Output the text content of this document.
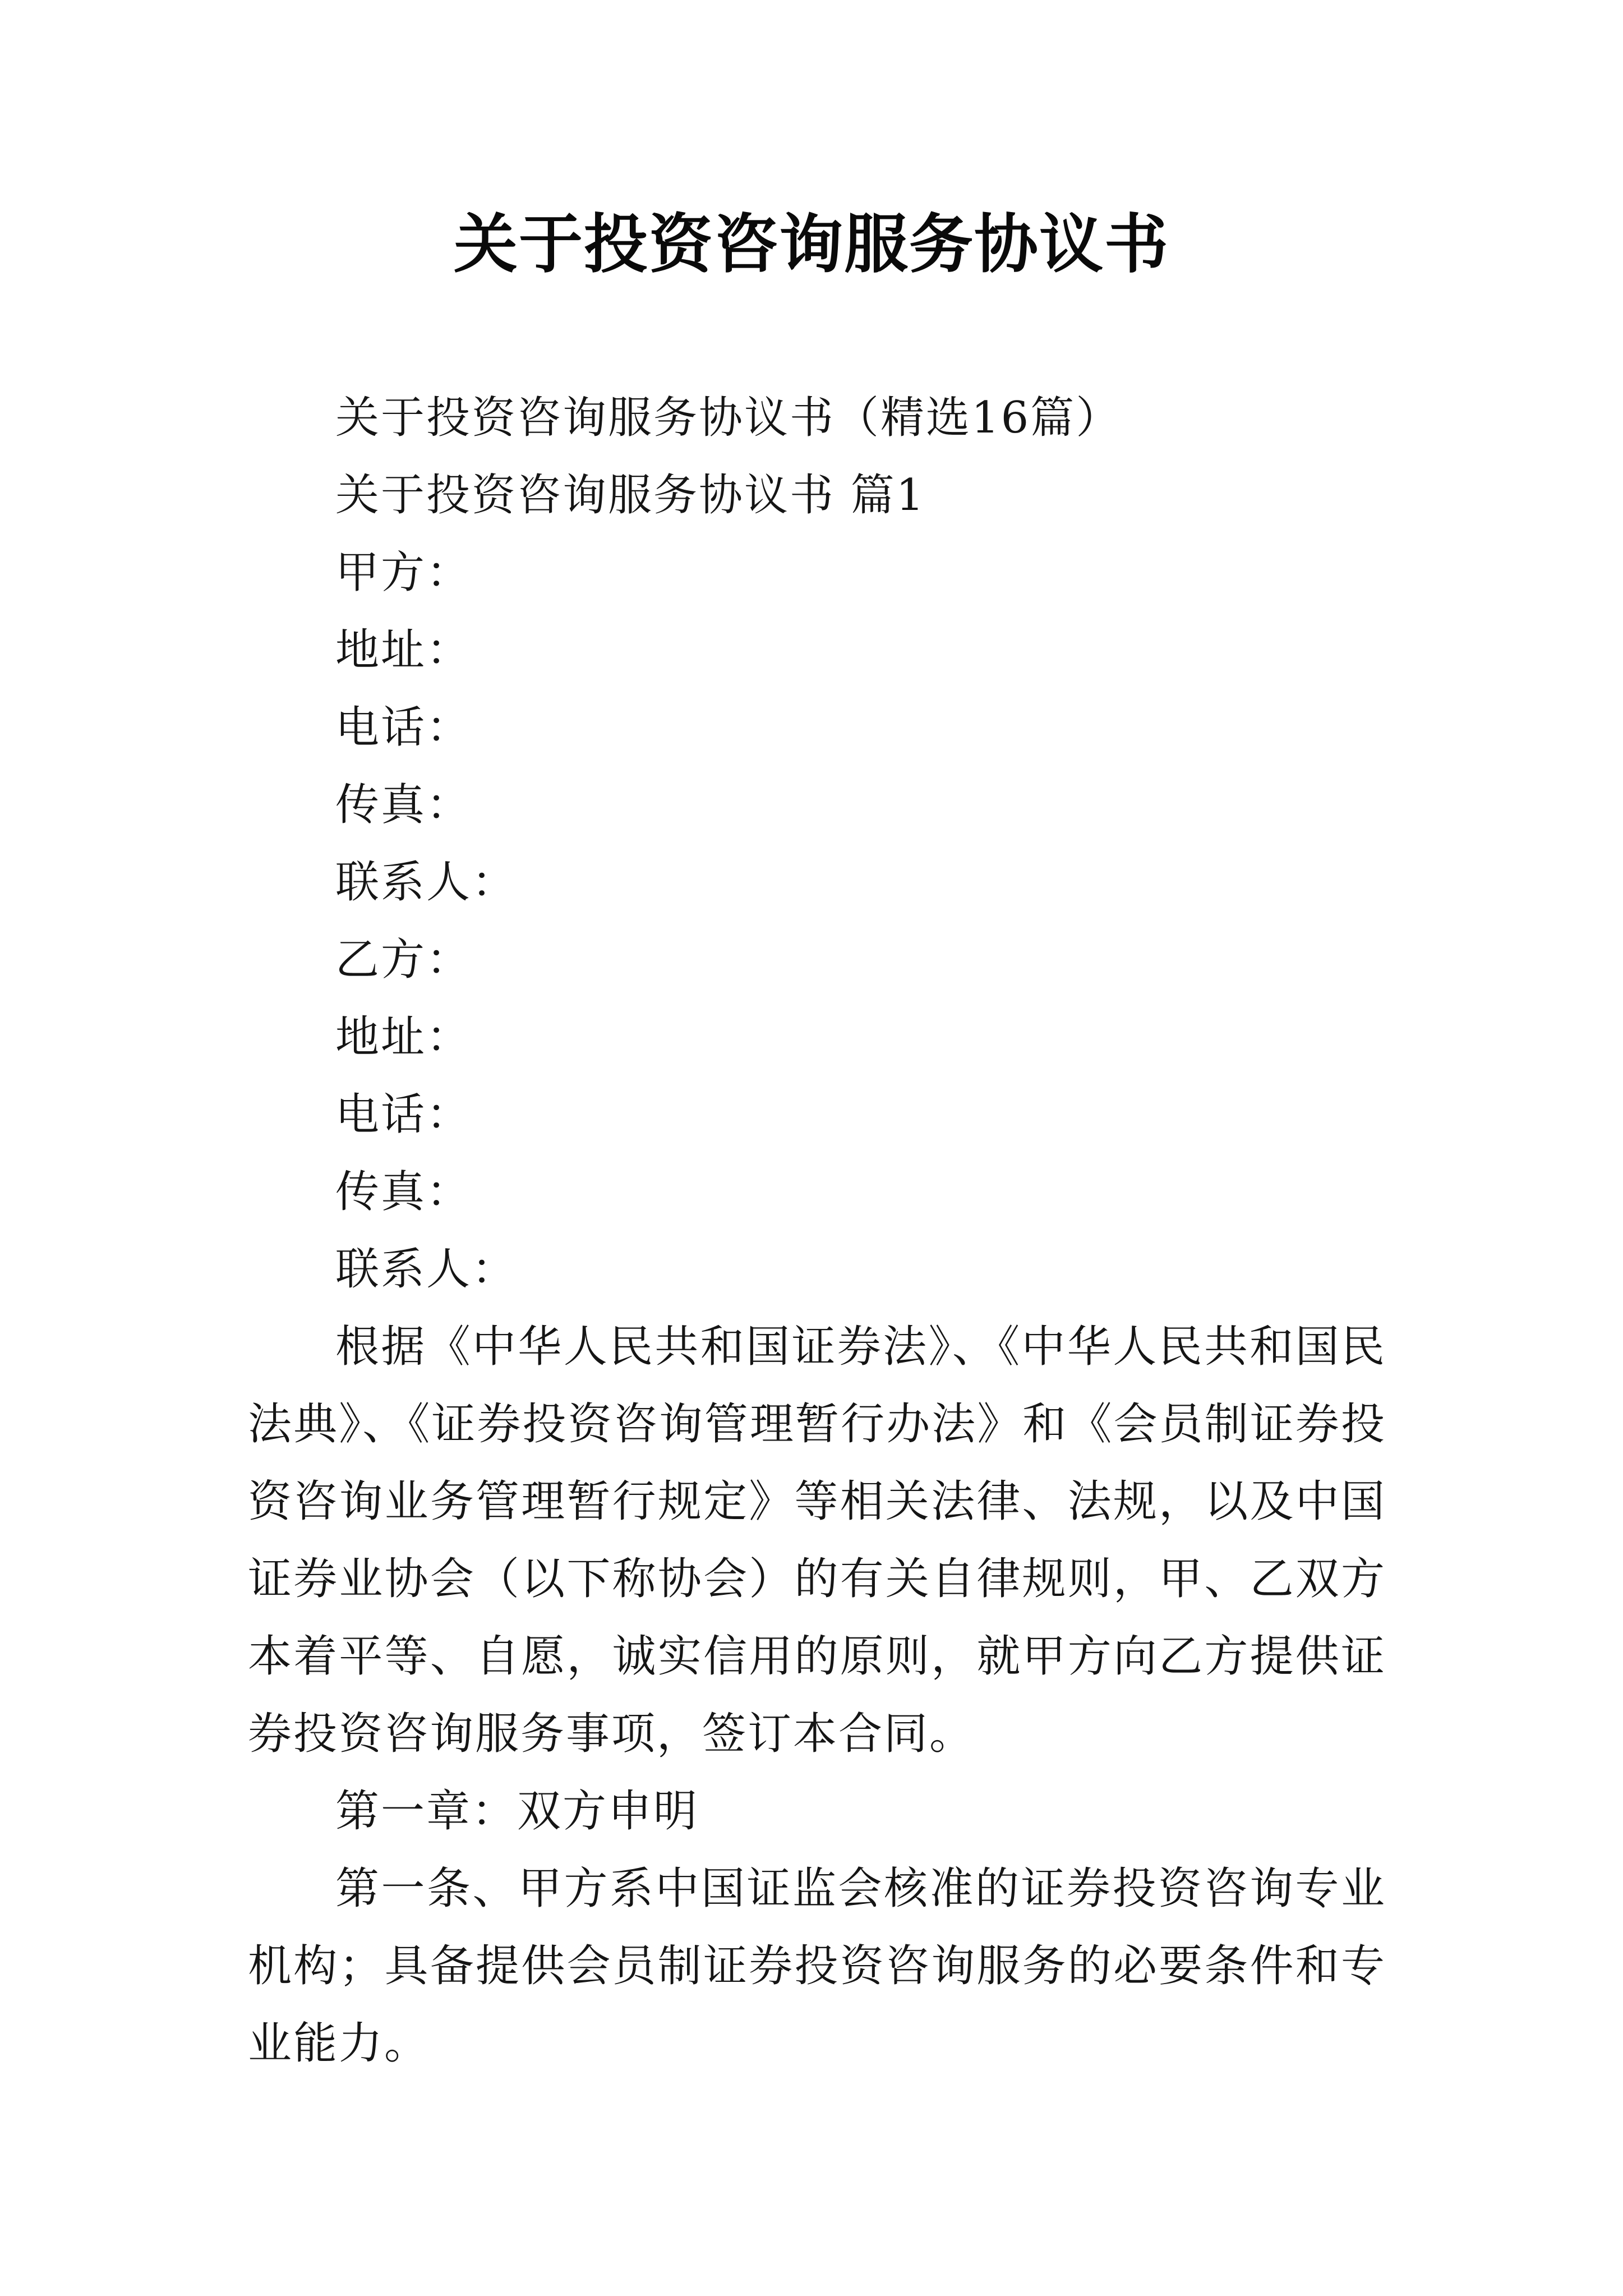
关于投资咨询服务协议书

关于投资咨询服务协议书（精选16篇）

关于投资咨询服务协议书 篇1

甲方：

地址：

电话：

传真：

联系人：

乙方：

地址：

电话：

传真：

联系人：

根据《中华人民共和国证券法》、《中华人民共和国民法典》、《证券投资咨询管理暂行办法》和《会员制证券投资咨询业务管理暂行规定》等相关法律、法规，以及中国证券业协会（以下称协会）的有关自律规则，甲、乙双方本着平等、自愿，诚实信用的原则，就甲方向乙方提供证券投资咨询服务事项，签订本合同。

第一章：双方申明

第一条、甲方系中国证监会核准的证券投资咨询专业机构；具备提供会员制证券投资咨询服务的必要条件和专业能力。
